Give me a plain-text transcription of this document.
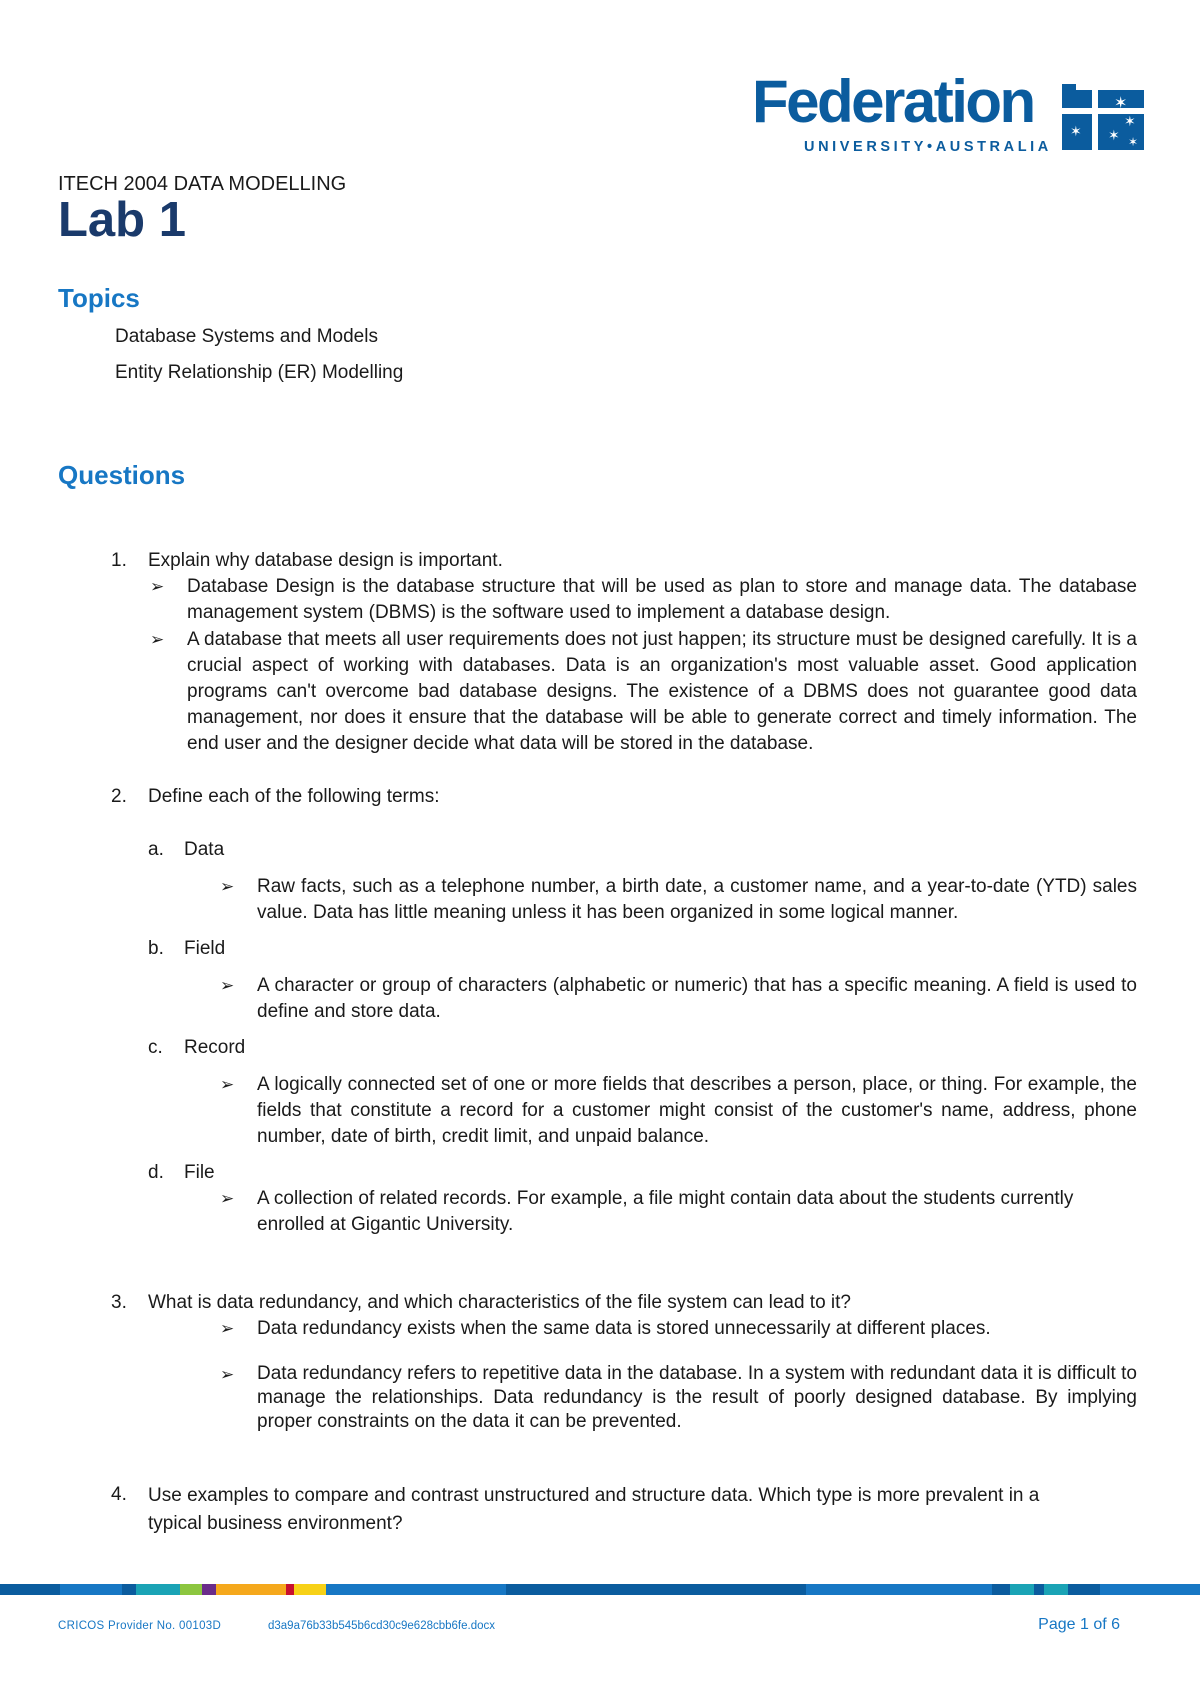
Federation
UNIVERSITY•AUSTRALIA
✶
✶
✶ ✶
✶
ITECH 2004 DATA MODELLING
Lab 1
Topics
Database Systems and Models
Entity Relationship (ER) Modelling
Questions
1. Explain why database design is important.
➢ Database Design is the database structure that will be used as plan to store and manage data. The database management system (DBMS) is the software used to implement a database design.
➢ A database that meets all user requirements does not just happen; its structure must be designed carefully. It is a crucial aspect of working with databases. Data is an organization's most valuable asset. Good application programs can't overcome bad database designs. The existence of a DBMS does not guarantee good data management, nor does it ensure that the database will be able to generate correct and timely information. The end user and the designer decide what data will be stored in the database.
2. Define each of the following terms:
a. Data
➢ Raw facts, such as a telephone number, a birth date, a customer name, and a year-to-date (YTD) sales value. Data has little meaning unless it has been organized in some logical manner.
b. Field
➢ A character or group of characters (alphabetic or numeric) that has a specific meaning. A field is used to define and store data.
c. Record
➢ A logically connected set of one or more fields that describes a person, place, or thing. For example, the fields that constitute a record for a customer might consist of the customer's name, address, phone number, date of birth, credit limit, and unpaid balance.
d. File
➢ A collection of related records. For example, a file might contain data about the students currently enrolled at Gigantic University.
3. What is data redundancy, and which characteristics of the file system can lead to it?
➢ Data redundancy exists when the same data is stored unnecessarily at different places.
➢ Data redundancy refers to repetitive data in the database. In a system with redundant data it is difficult to manage the relationships. Data redundancy is the result of poorly designed database. By implying proper constraints on the data it can be prevented.
4. Use examples to compare and contrast unstructured and structure data. Which type is more prevalent in a typical business environment?
CRICOS Provider No. 00103D	d3a9a76b33b545b6cd30c9e628cbb6fe.docx	Page 1 of 6
